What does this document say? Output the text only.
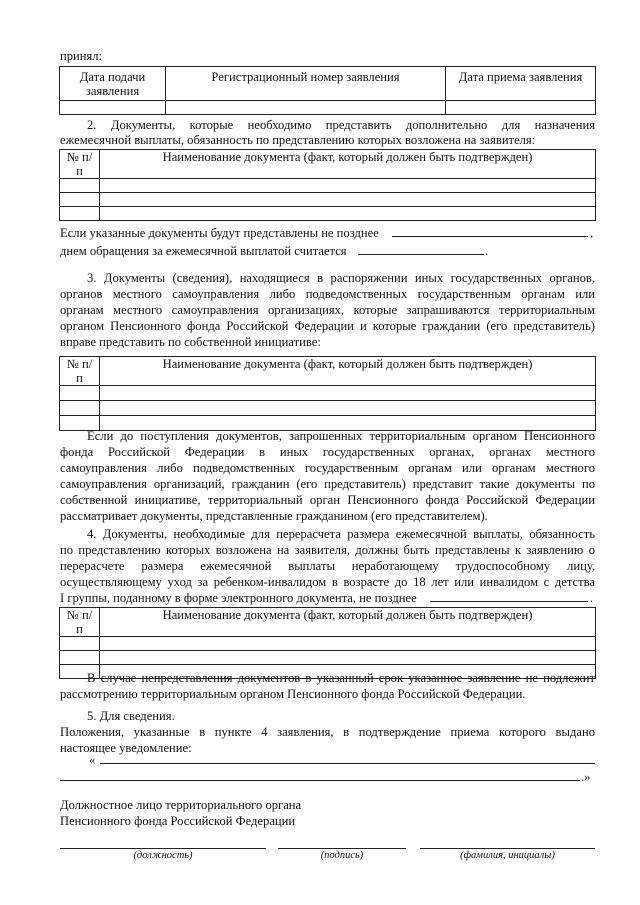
принял:
Дата подачи заявления	Регистрационный номер заявления	Дата приема заявления

2. Документы, которые необходимо представить дополнительно для назначения
ежемесячной выплаты, обязанность по представлению которых возложена на заявителя:
№ п/п	Наименование документа (факт, который должен быть подтвержден)

Если указанные документы будут представлены не позднее	,
днем обращения за ежемесячной выплатой считается	.
3. Документы (сведения), находящиеся в распоряжении иных государственных органов,
органов местного самоуправления либо подведомственных государственным органам или
органам местного самоуправления организациях, которые запрашиваются территориальным
органом Пенсионного фонда Российской Федерации и которые граждании (его представитель)
вправе представить по собственной инициативе:
№ п/п	Наименование документа (факт, который должен быть подтвержден)

Если до поступления документов, запрошенных территориальным органом Пенсионного
фонда Российской Федерации в иных государственных органах, органах местного
самоуправления либо подведомственных государственным органам или органам местного
самоуправления организаций, гражданин (его представитель) представит такие документы по
собственной инициативе, территориальный орган Пенсионного фонда Российской Федерации
рассматривает документы, представленные гражданином (его представителем).
4. Документы, необходимые для перерасчета размера ежемесячной выплаты, обязанность
по представлению которых возложена на заявителя, должны быть представлены к заявлению о
перерасчете размера ежемесячной выплаты неработающему трудоспособному лицу,
осуществляющему уход за ребенком-инвалидом в возрасте до 18 лет или инвалидом с детства
I группы, поданному в форме электронного документа, не позднее	.
№ п/п	Наименование документа (факт, который должен быть подтвержден)

В случае непредставления документов в указанный срок указанное заявление не подлежит
рассмотрению территориальным органом Пенсионного фонда Российской Федерации.
5. Для сведения.
Положения, указанные в пункте 4 заявления, в подтверждение приема которого выдано
настоящее уведомление:
«
.»
Должностное лицо территориального органа
Пенсионного фонда Российской Федерации
(должность)	(подпись)	(фамилия, инициалы)
